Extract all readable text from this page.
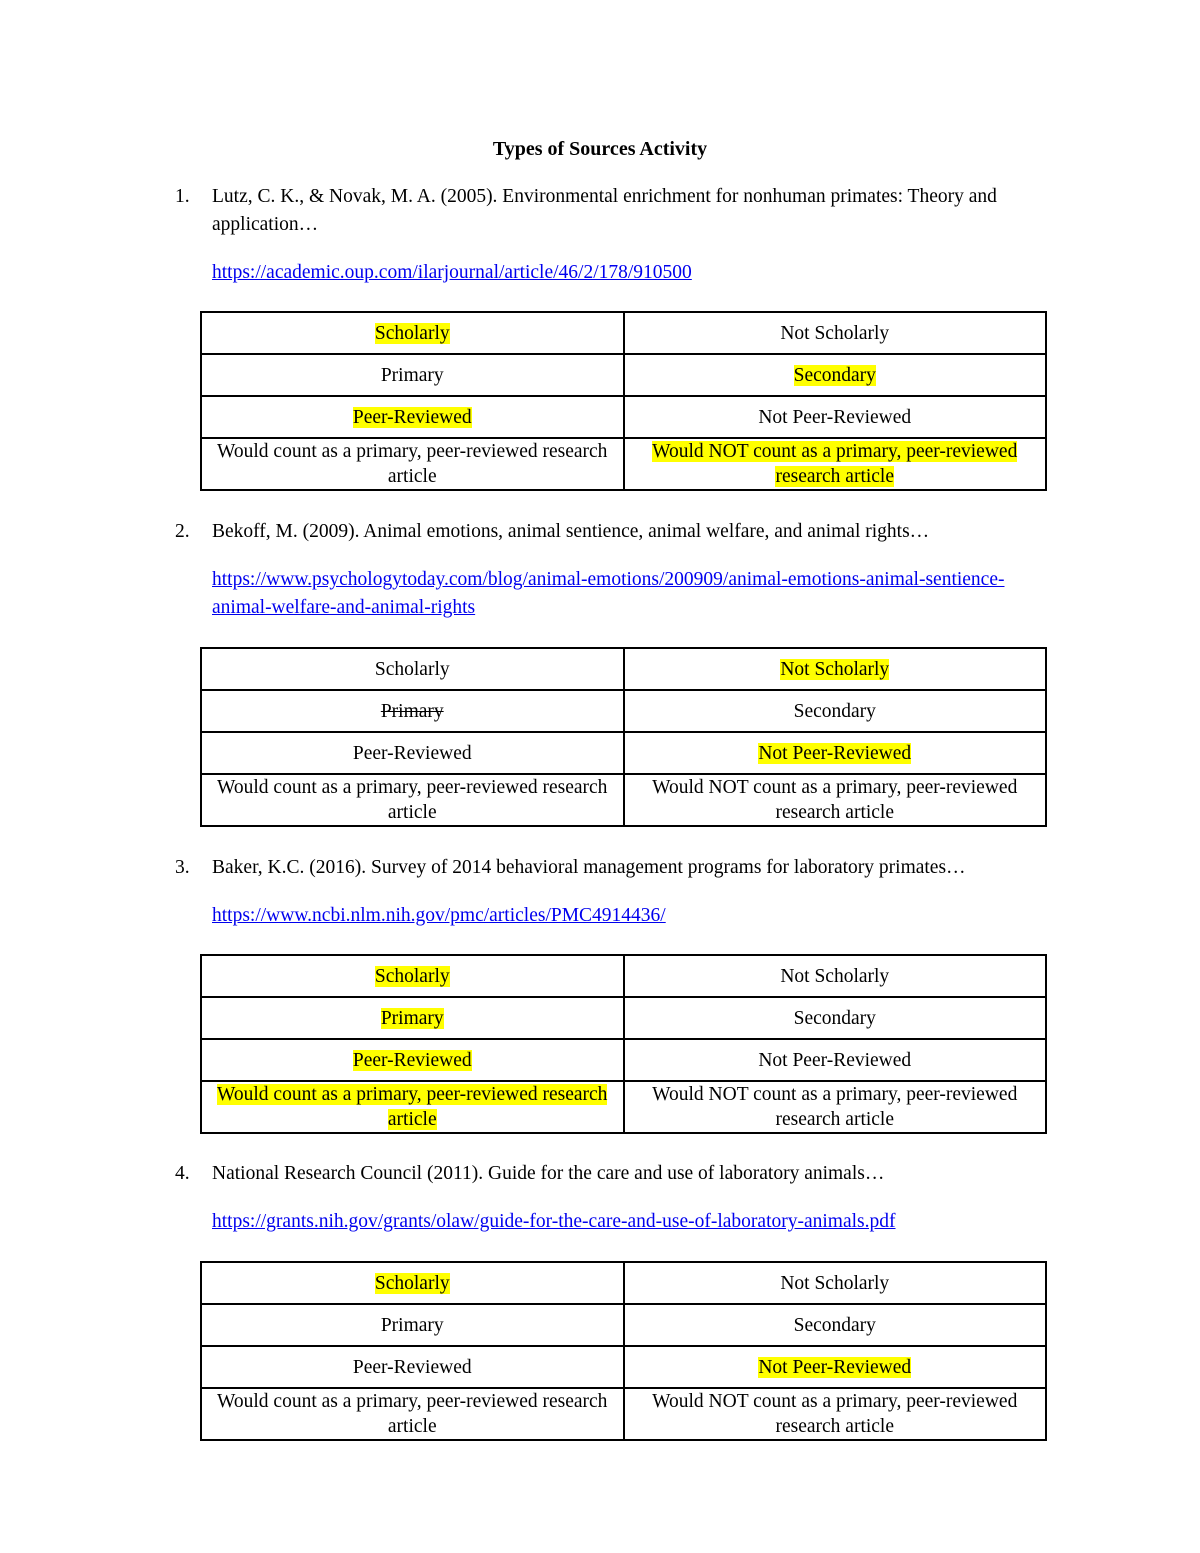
Types of Sources Activity
1. Lutz, C. K., & Novak, M. A. (2005). Environmental enrichment for nonhuman primates: Theory and application…
https://academic.oup.com/ilarjournal/article/46/2/178/910500
Scholarly	Not Scholarly
Primary	Secondary
Peer-Reviewed	Not Peer-Reviewed
Would count as a primary, peer-reviewed research article	Would NOT count as a primary, peer-reviewed research article
2. Bekoff, M. (2009). Animal emotions, animal sentience, animal welfare, and animal rights…
https://www.psychologytoday.com/blog/animal-emotions/200909/animal-emotions-animal-sentience-animal-welfare-and-animal-rights
Scholarly	Not Scholarly
Primary	Secondary
Peer-Reviewed	Not Peer-Reviewed
Would count as a primary, peer-reviewed research article	Would NOT count as a primary, peer-reviewed research article
3. Baker, K.C. (2016). Survey of 2014 behavioral management programs for laboratory primates…
https://www.ncbi.nlm.nih.gov/pmc/articles/PMC4914436/
Scholarly	Not Scholarly
Primary	Secondary
Peer-Reviewed	Not Peer-Reviewed
Would count as a primary, peer-reviewed research article	Would NOT count as a primary, peer-reviewed research article
4. National Research Council (2011). Guide for the care and use of laboratory animals…
https://grants.nih.gov/grants/olaw/guide-for-the-care-and-use-of-laboratory-animals.pdf
Scholarly	Not Scholarly
Primary	Secondary
Peer-Reviewed	Not Peer-Reviewed
Would count as a primary, peer-reviewed research article	Would NOT count as a primary, peer-reviewed research article
